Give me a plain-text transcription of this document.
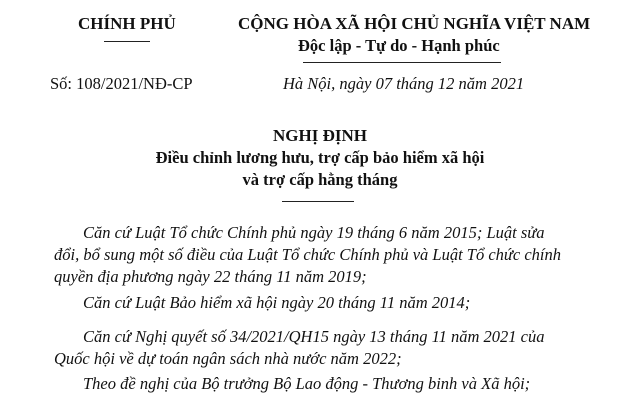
CHÍNH PHỦ	CỘNG HÒA XÃ HỘI CHỦ NGHĨA VIỆT NAM
Độc lập - Tự do - Hạnh phúc
Số: 108/2021/NĐ-CP	Hà Nội, ngày 07 tháng 12 năm 2021
NGHỊ ĐỊNH
Điều chỉnh lương hưu, trợ cấp bảo hiểm xã hội
và trợ cấp hằng tháng
Căn cứ Luật Tổ chức Chính phủ ngày 19 tháng 6 năm 2015; Luật sửa
đổi, bổ sung một số điều của Luật Tổ chức Chính phủ và Luật Tổ chức chính
quyền địa phương ngày 22 tháng 11 năm 2019;
Căn cứ Luật Bảo hiểm xã hội ngày 20 tháng 11 năm 2014;
Căn cứ Nghị quyết số 34/2021/QH15 ngày 13 tháng 11 năm 2021 của
Quốc hội về dự toán ngân sách nhà nước năm 2022;
Theo đề nghị của Bộ trưởng Bộ Lao động - Thương binh và Xã hội;
